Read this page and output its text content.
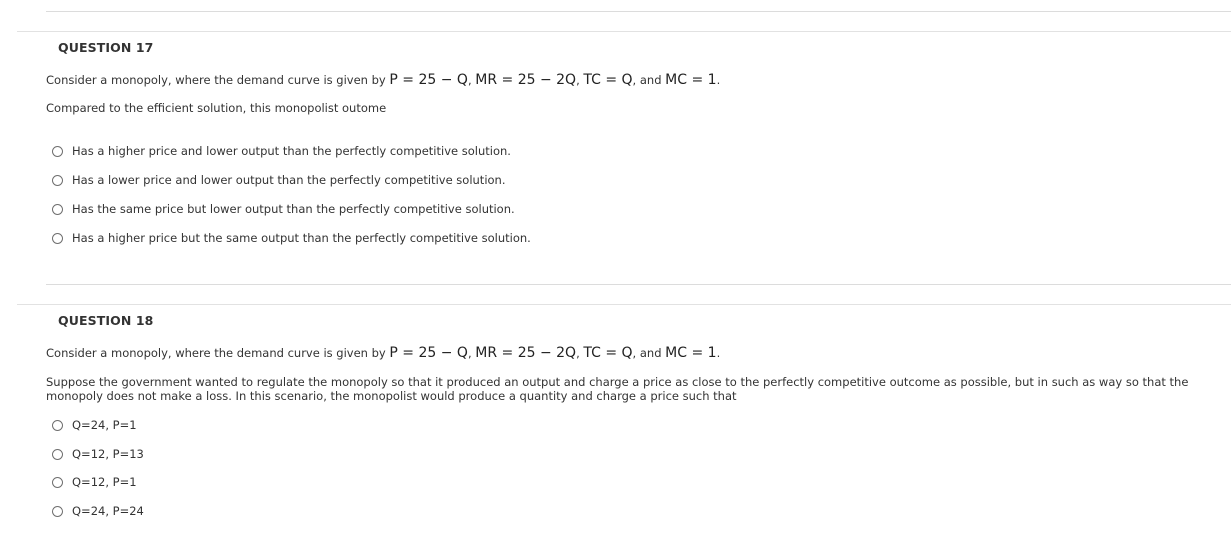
QUESTION 17
Consider a monopoly, where the demand curve is given by P = 25 − Q, MR = 25 − 2Q, TC = Q, and MC = 1.
Compared to the efficient solution, this monopolist outome
Has a higher price and lower output than the perfectly competitive solution.
Has a lower price and lower output than the perfectly competitive solution.
Has the same price but lower output than the perfectly competitive solution.
Has a higher price but the same output than the perfectly competitive solution.
QUESTION 18
Consider a monopoly, where the demand curve is given by P = 25 − Q, MR = 25 − 2Q, TC = Q, and MC = 1.
Suppose the government wanted to regulate the monopoly so that it produced an output and charge a price as close to the perfectly competitive outcome as possible, but in such as way so that the monopoly does not make a loss. In this scenario, the monopolist would produce a quantity and charge a price such that
Q=24, P=1
Q=12, P=13
Q=12, P=1
Q=24, P=24
